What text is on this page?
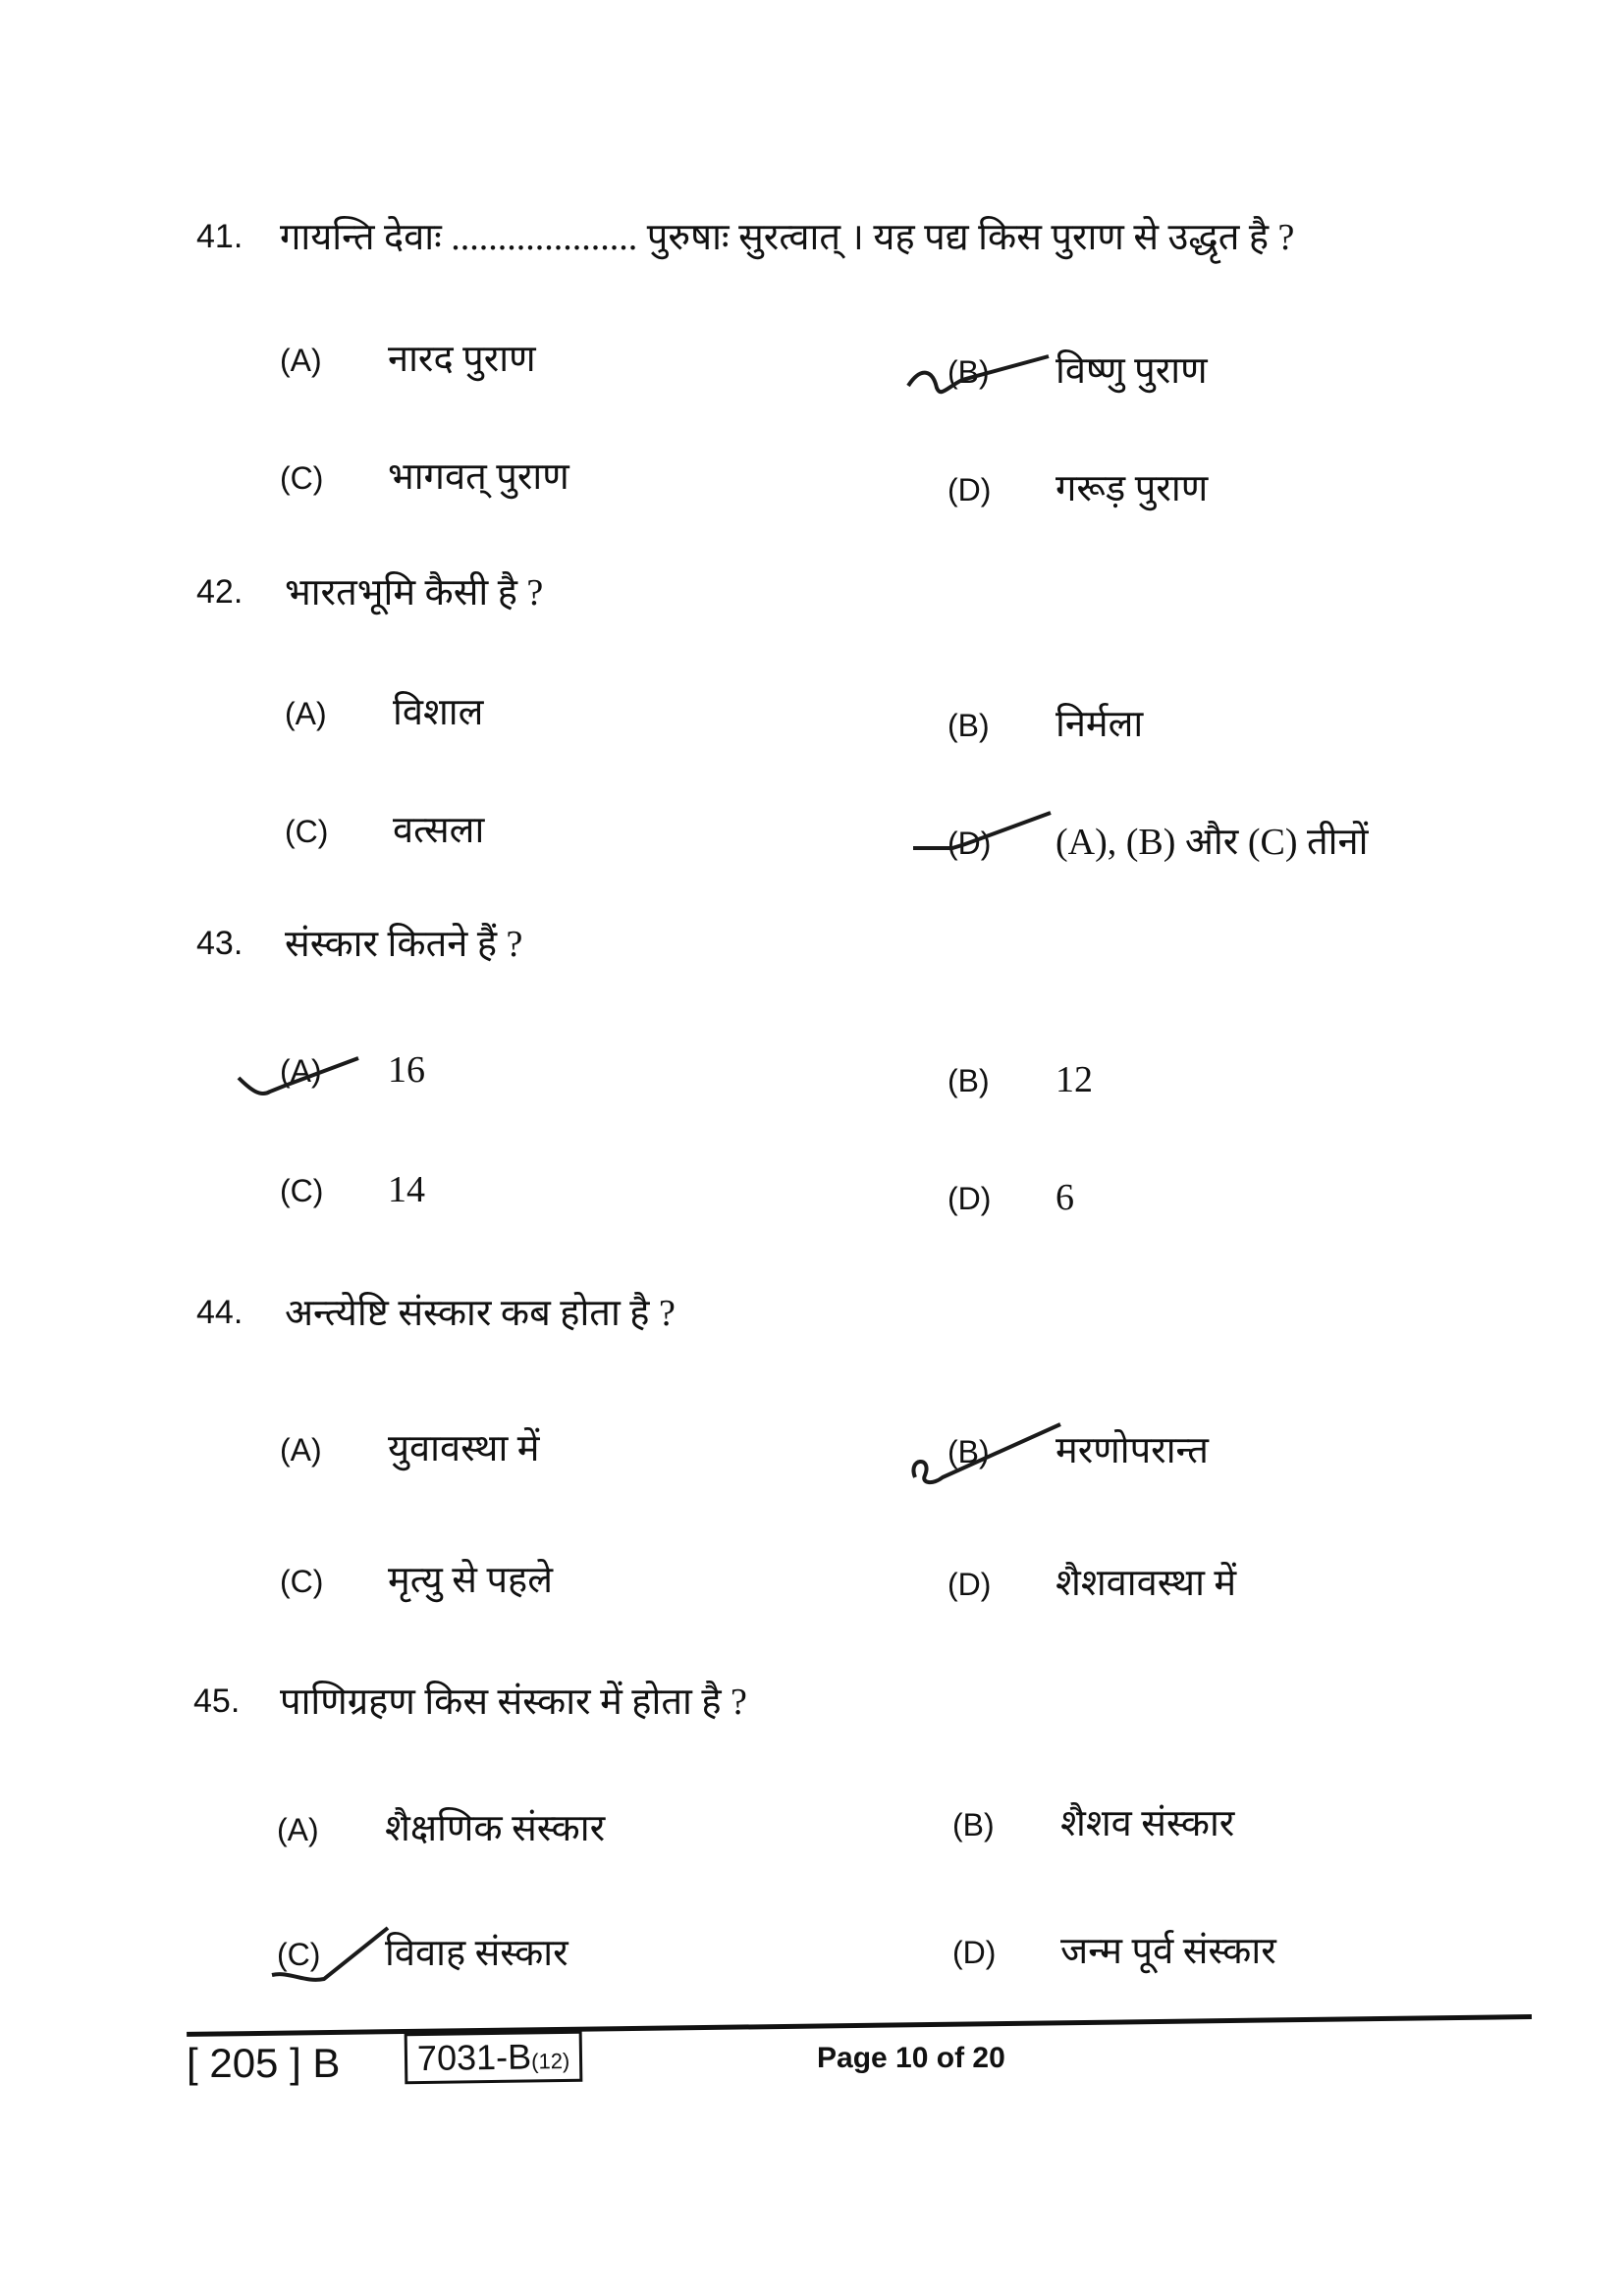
41. गायन्ति देवाः .................... पुरुषाः सुरत्वात् । यह पद्य किस पुराण से उद्धृत है ?
(A)	नारद पुराण	(B)	विष्णु पुराण
(C)	भागवत् पुराण	(D)	गरूड़ पुराण
42. भारतभूमि कैसी है ?
(A)	विशाल	(B)	निर्मला
(C)	वत्सला	(D)	(A), (B) और (C) तीनों
43. संस्कार कितने हैं ?
(A)	16	(B)	12
(C)	14	(D)	6
44. अन्त्येष्टि संस्कार कब होता है ?
(A)	युवावस्था में	(B)	मरणोपरान्त
(C)	मृत्यु से पहले	(D)	शैशवावस्था में
45. पाणिग्रहण किस संस्कार में होता है ?
(A)	शैक्षणिक संस्कार	(B)	शैशव संस्कार
(C)	विवाह संस्कार	(D)	जन्म पूर्व संस्कार
[ 205 ] B	7031-B(12)	Page 10 of 20
